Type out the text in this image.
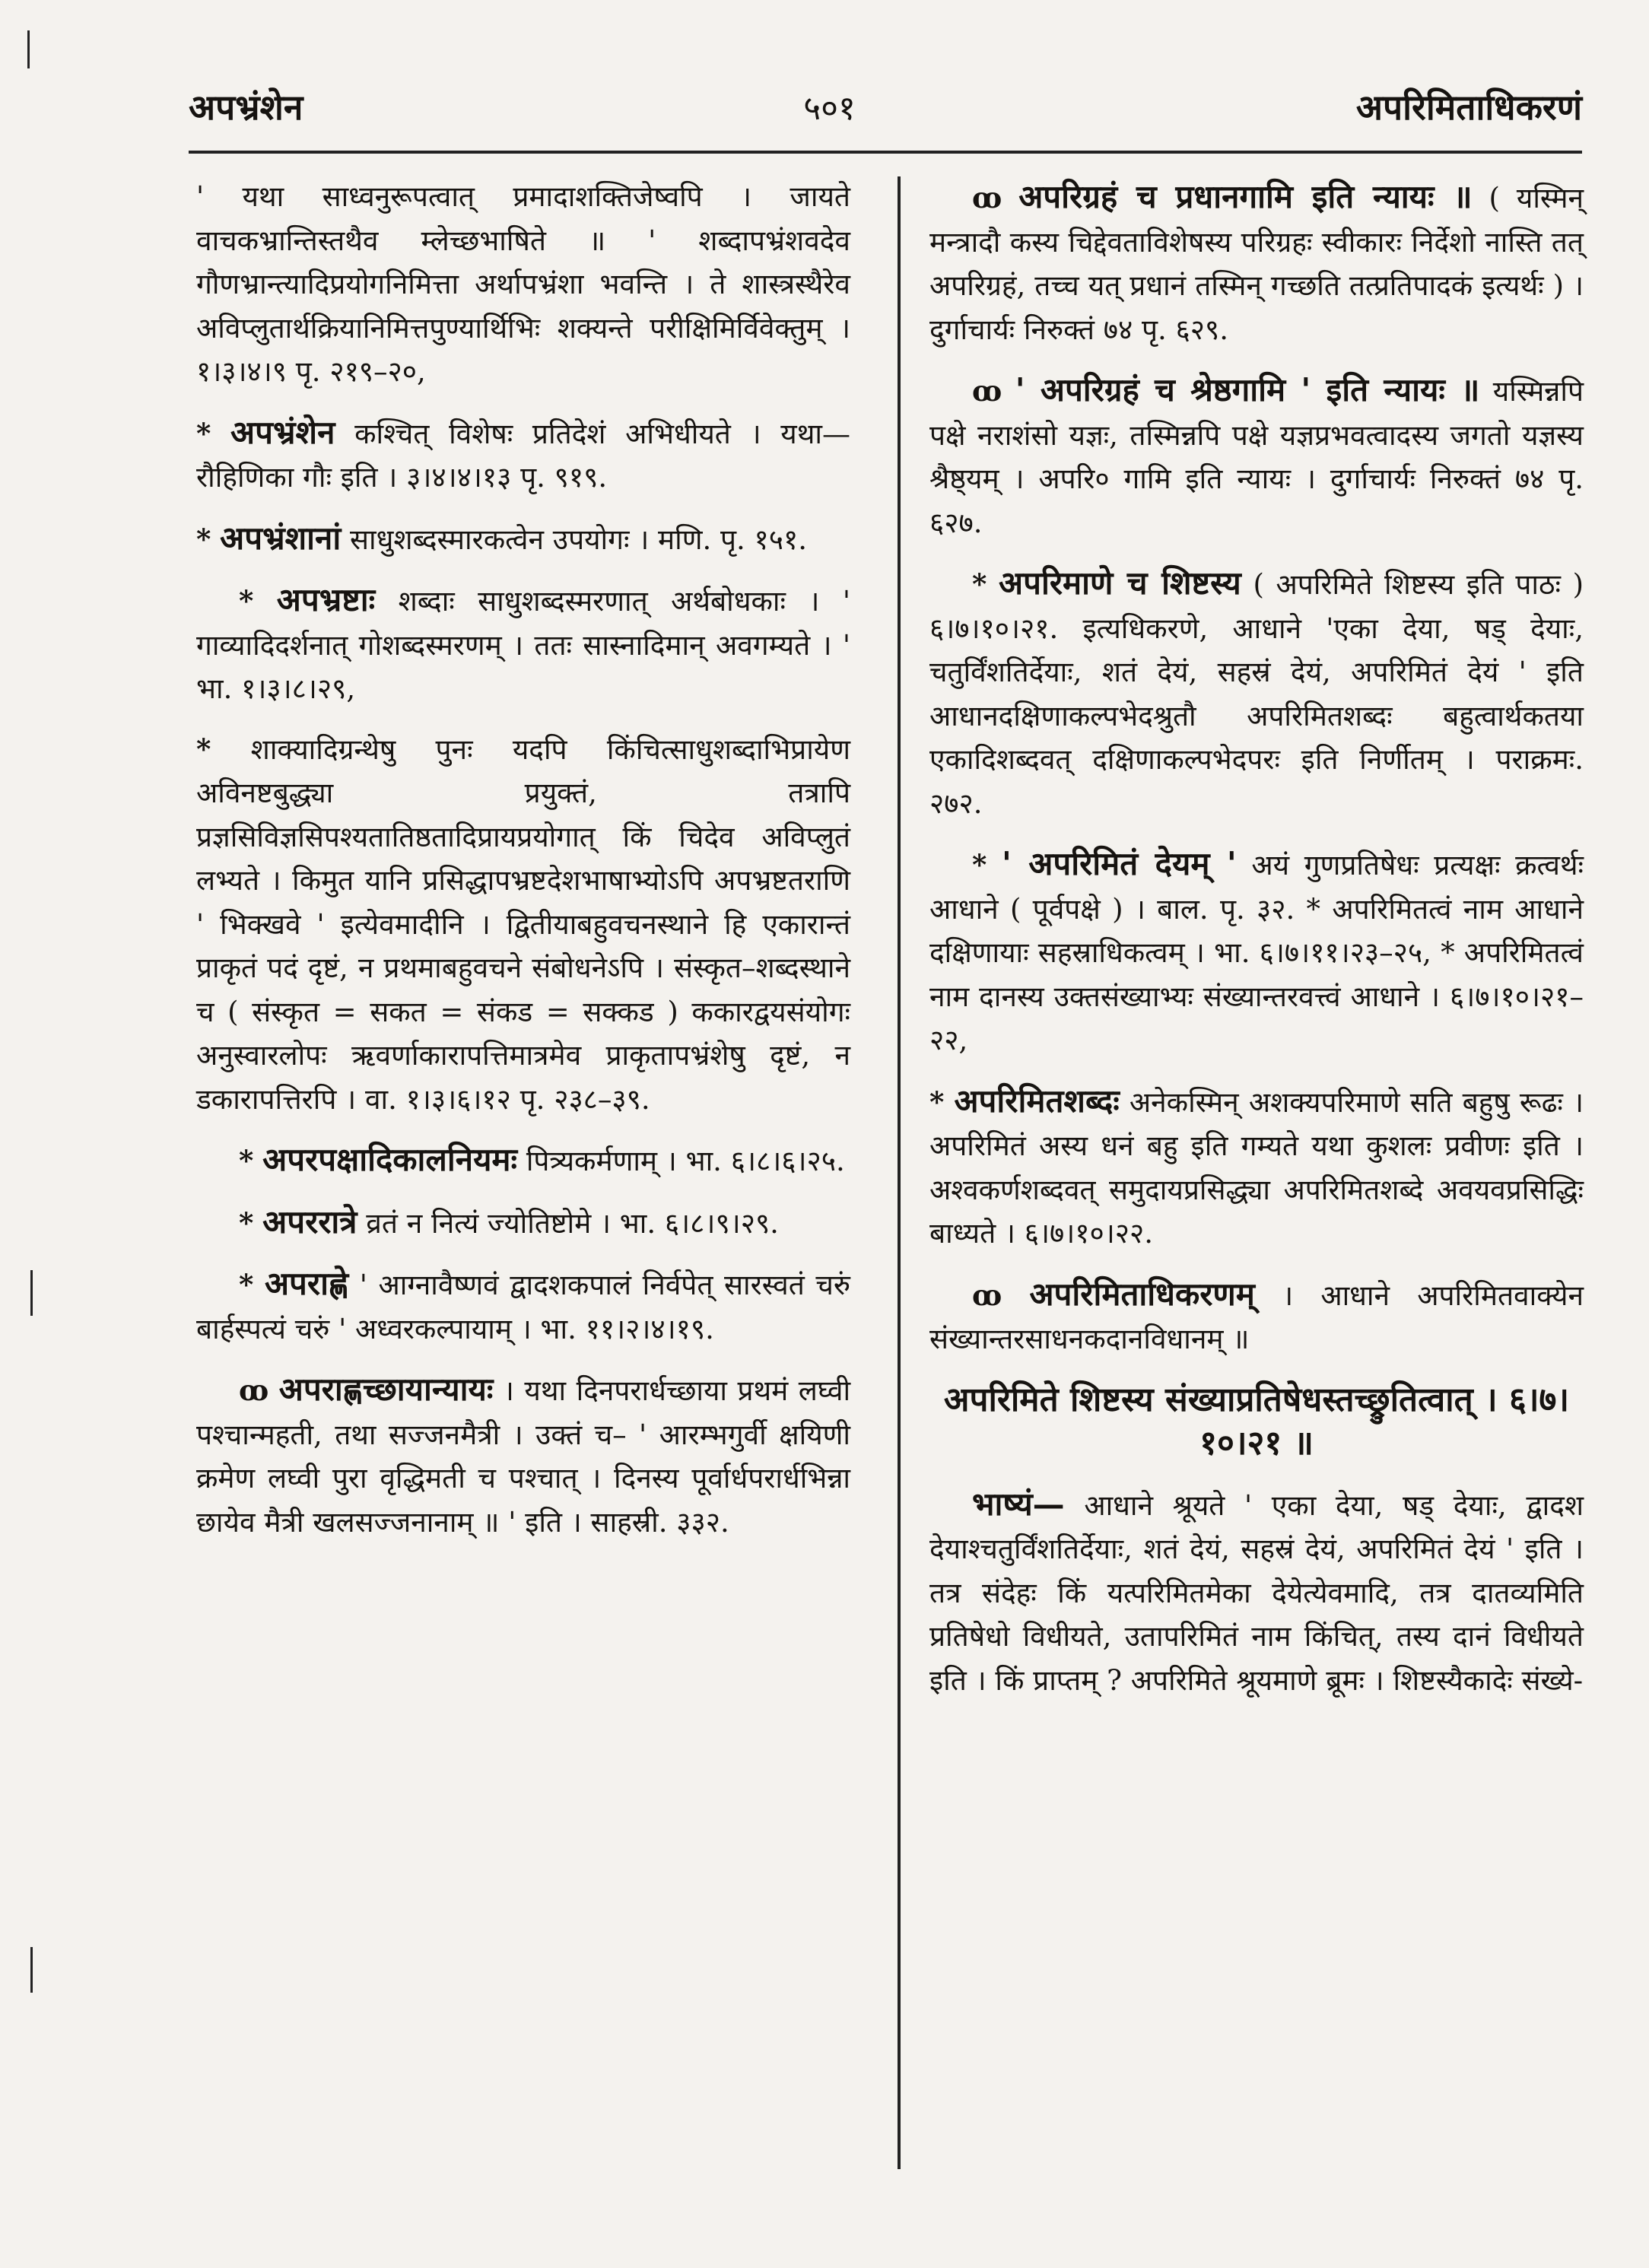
अपभ्रंशेन	५०१	अपरिमिताधिकरणं

' यथा साध्वनुरूपत्वात् प्रमादाशक्तिजेष्वपि । जायते वाचकभ्रान्तिस्तथैव म्लेच्छभाषिते ॥ ' शब्दापभ्रंशवदेव गौणभ्रान्त्यादिप्रयोगनिमित्ता अर्थापभ्रंशा भवन्ति । ते शास्त्रस्थैरेव अविप्लुतार्थक्रियानिमित्तपुण्यार्थिभिः शक्यन्ते परीक्षिमिर्विवेक्तुम् । १।३।४।९ पृ. २१९–२०,

* अपभ्रंशेन कश्चित् विशेषः प्रतिदेशं अभिधीयते । यथा— रौहिणिका गौः इति । ३।४।४।१३ पृ. ९१९.

* अपभ्रंशानां साधुशब्दस्मारकत्वेन उपयोगः । मणि. पृ. १५१.

* अपभ्रष्टाः शब्दाः साधुशब्दस्मरणात् अर्थबोधकाः । ' गाव्यादिदर्शनात् गोशब्दस्मरणम् । ततः सास्नादिमान् अवगम्यते । ' भा. १।३।८।२९,

* शाक्यादिग्रन्थेषु पुनः यदपि किंचित्साधुशब्दाभिप्रायेण अविनष्टबुद्ध्या प्रयुक्तं, तत्रापि प्रज्ञसिविज्ञसिपश्यतातिष्ठतादिप्रायप्रयोगात् किं चिदेव अविप्लुतं लभ्यते । किमुत यानि प्रसिद्धापभ्रष्टदेशभाषाभ्योऽपि अपभ्रष्टतराणि ' भिक्खवे ' इत्येवमादीनि । द्वितीयाबहुवचनस्थाने हि एकारान्तं प्राकृतं पदं दृष्टं, न प्रथमाबहुवचने संबोधनेऽपि । संस्कृत–शब्दस्थाने च ( संस्कृत = सकत = संकड = सक्कड ) ककारद्वयसंयोगः अनुस्वारलोपः ऋवर्णाकारापत्तिमात्रमेव प्राकृतापभ्रंशेषु दृष्टं, न डकारापत्तिरपि । वा. १।३।६।१२ पृ. २३८–३९.

* अपरपक्षादिकालनियमः पित्र्यकर्मणाम् । भा. ६।८।६।२५.

* अपररात्रे व्रतं न नित्यं ज्योतिष्टोमे । भा. ६।८।९।२९.

* अपराह्णे ' आग्नावैष्णवं द्वादशकपालं निर्वपेत् सारस्वतं चरुं बार्हस्पत्यं चरुं ' अध्वरकल्पायाम् । भा. ११।२।४।१९.

ꝏ अपराह्णच्छायान्यायः । यथा दिनपरार्धच्छाया प्रथमं लघ्वी पश्चान्महती, तथा सज्जनमैत्री । उक्तं च– ' आरम्भगुर्वी क्षयिणी क्रमेण लघ्वी पुरा वृद्धिमती च पश्चात् । दिनस्य पूर्वार्धपरार्धभिन्ना छायेव मैत्री खलसज्जनानाम् ॥ ' इति । साहस्री. ३३२.

ꝏ अपरिग्रहं च प्रधानगामि इति न्यायः ॥ ( यस्मिन् मन्त्रादौ कस्य चिद्देवताविशेषस्य परिग्रहः स्वीकारः निर्देशो नास्ति तत् अपरिग्रहं, तच्च यत् प्रधानं तस्मिन् गच्छति तत्प्रतिपादकं इत्यर्थः ) । दुर्गाचार्यः निरुक्तं ७४ पृ. ६२९.

ꝏ ' अपरिग्रहं च श्रेष्ठगामि ' इति न्यायः ॥ यस्मिन्नपि पक्षे नराशंसो यज्ञः, तस्मिन्नपि पक्षे यज्ञप्रभवत्वादस्य जगतो यज्ञस्य श्रैष्ठ्यम् । अपरि० गामि इति न्यायः । दुर्गाचार्यः निरुक्तं ७४ पृ. ६२७.

* अपरिमाणे च शिष्टस्य ( अपरिमिते शिष्टस्य इति पाठः ) ६।७।१०।२१. इत्यधिकरणे, आधाने 'एका देया, षड् देयाः, चतुर्विंशतिर्देयाः, शतं देयं, सहस्रं देयं, अपरिमितं देयं ' इति आधानदक्षिणाकल्पभेदश्रुतौ अपरिमितशब्दः बहुत्वार्थकतया एकादिशब्दवत् दक्षिणाकल्पभेदपरः इति निर्णीतम् । पराक्रमः. २७२.

* ' अपरिमितं देयम् ' अयं गुणप्रतिषेधः प्रत्यक्षः क्रत्वर्थः आधाने ( पूर्वपक्षे ) । बाल. पृ. ३२. * अपरिमितत्वं नाम आधाने दक्षिणायाः सहस्राधिकत्वम् । भा. ६।७।११।२३–२५, * अपरिमितत्वं नाम दानस्य उक्तसंख्याभ्यः संख्यान्तरवत्त्वं आधाने । ६।७।१०।२१–२२,

* अपरिमितशब्दः अनेकस्मिन् अशक्यपरिमाणे सति बहुषु रूढः । अपरिमितं अस्य धनं बहु इति गम्यते यथा कुशलः प्रवीणः इति । अश्वकर्णशब्दवत् समुदायप्रसिद्ध्या अपरिमितशब्दे अवयवप्रसिद्धिः बाध्यते । ६।७।१०।२२.

ꝏ अपरिमिताधिकरणम् । आधाने अपरिमितवाक्येन संख्यान्तरसाधनकदानविधानम् ॥

अपरिमिते शिष्टस्य संख्याप्रतिषेधस्तच्छ्रुतित्वात् । ६।७।१०।२१ ॥

भाष्यं— आधाने श्रूयते ' एका देया, षड् देयाः, द्वादश देयाश्चतुर्विंशतिर्देयाः, शतं देयं, सहस्रं देयं, अपरिमितं देयं ' इति । तत्र संदेहः किं यत्परिमितमेका देयेत्येवमादि, तत्र दातव्यमिति प्रतिषेधो विधीयते, उतापरिमितं नाम किंचित्, तस्य दानं विधीयते इति । किं प्राप्तम् ? अपरिमिते श्रूयमाणे ब्रूमः । शिष्टस्यैकादेः संख्ये-
